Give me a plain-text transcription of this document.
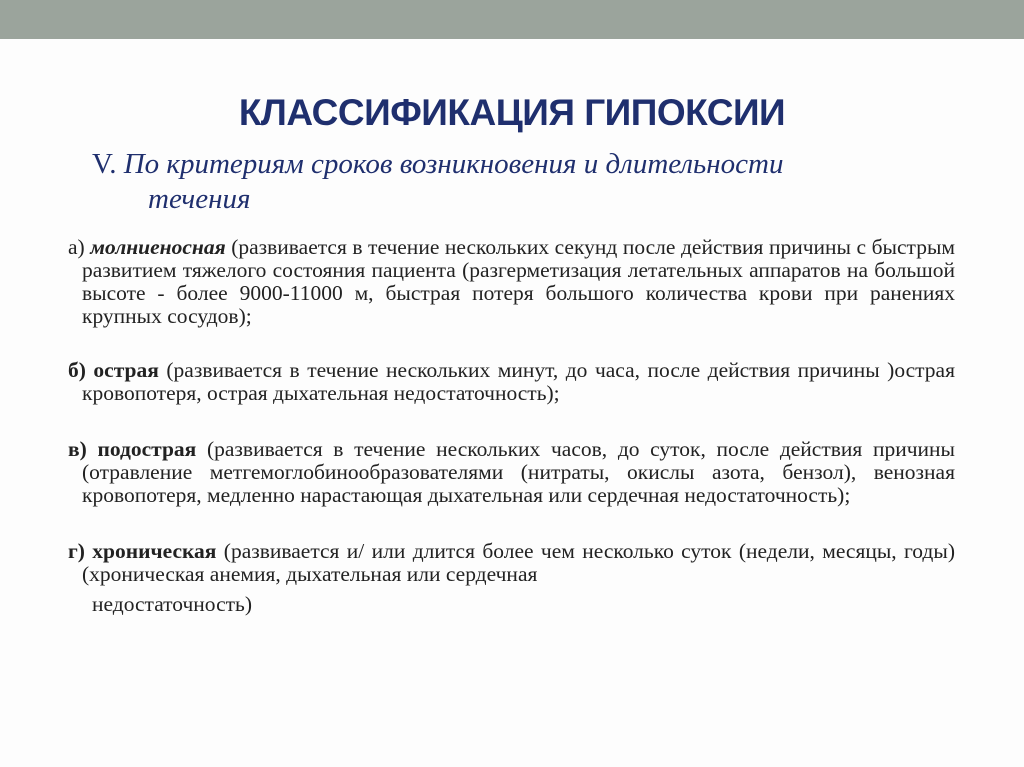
КЛАССИФИКАЦИЯ ГИПОКСИИ

V. По критериям сроков возникновения и длительности
течения

а) молниеносная (развивается в течение нескольких секунд после действия причины с быстрым развитием тяжелого состояния пациента (разгерметизация летательных аппаратов на большой высоте - более 9000-11000 м, быстрая потеря большого количества крови при ранениях крупных сосудов);

б) острая (развивается в течение нескольких минут, до часа, после действия причины )острая кровопотеря, острая дыхательная недостаточность);

в) подострая (развивается в течение нескольких часов, до суток, после действия причины (отравление метгемоглобинообразователями (нитраты, окислы азота, бензол), венозная кровопотеря, медленно нарастающая дыхательная или сердечная недостаточность);

г) хроническая (развивается и/ или длится более чем несколько суток (недели, месяцы, годы) (хроническая анемия, дыхательная или сердечная
недостаточность)
